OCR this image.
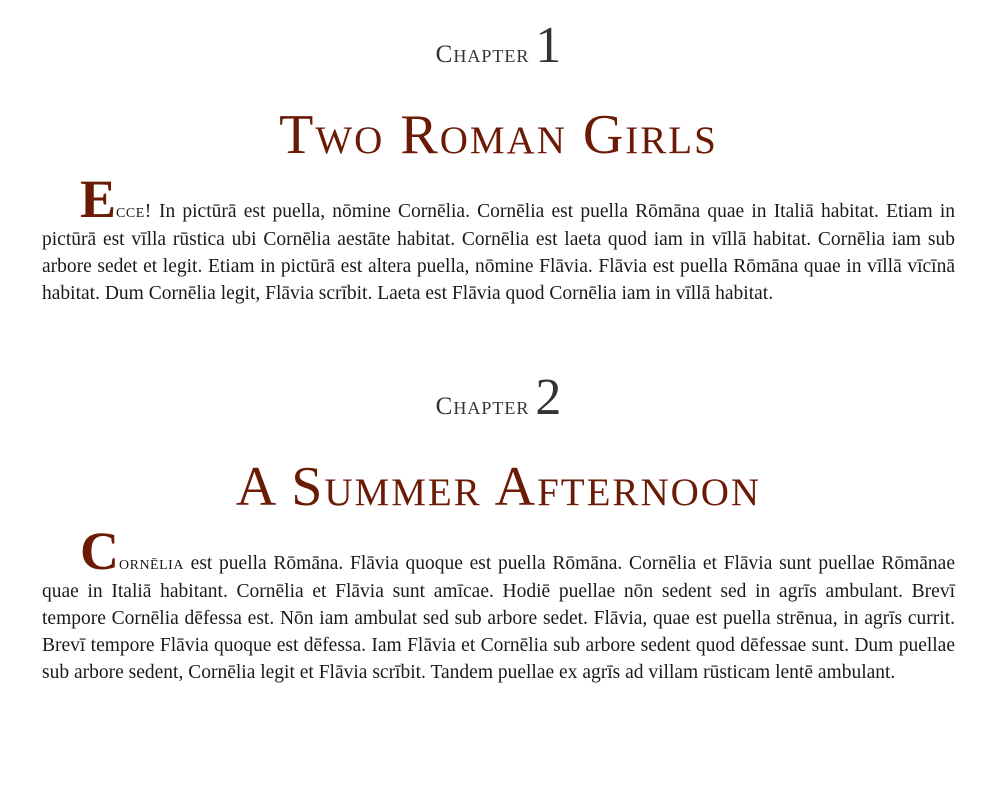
Chapter 1
Two Roman Girls

Ecce! In pictūrā est puella, nōmine Cornēlia. Cornēlia est puella Rōmāna quae in Italiā habitat. Etiam in pictūrā est vīlla rūstica ubi Cornēlia aestāte habitat. Cornēlia est laeta quod iam in vīllā habitat. Cornēlia iam sub arbore sedet et legit. Etiam in pictūrā est altera puella, nōmine Flāvia. Flāvia est puella Rōmāna quae in vīllā vīcīnā habitat. Dum Cornēlia legit, Flāvia scrībit. Laeta est Flāvia quod Cornēlia iam in vīllā habitat.

Chapter 2
A Summer Afternoon

Cornēlia est puella Rōmāna. Flāvia quoque est puella Rōmāna. Cornēlia et Flāvia sunt puellae Rōmānae quae in Italiā habitant. Cornēlia et Flāvia sunt amīcae. Hodiē puellae nōn sedent sed in agrīs ambulant. Brevī tempore Cornēlia dēfessa est. Nōn iam ambulat sed sub arbore sedet. Flāvia, quae est puella strēnua, in agrīs currit. Brevī tempore Flāvia quoque est dēfessa. Iam Flāvia et Cornēlia sub arbore sedent quod dēfessae sunt. Dum puellae sub arbore sedent, Cornēlia legit et Flāvia scrībit. Tandem puellae ex agrīs ad villam rūsticam lentē ambulant.
